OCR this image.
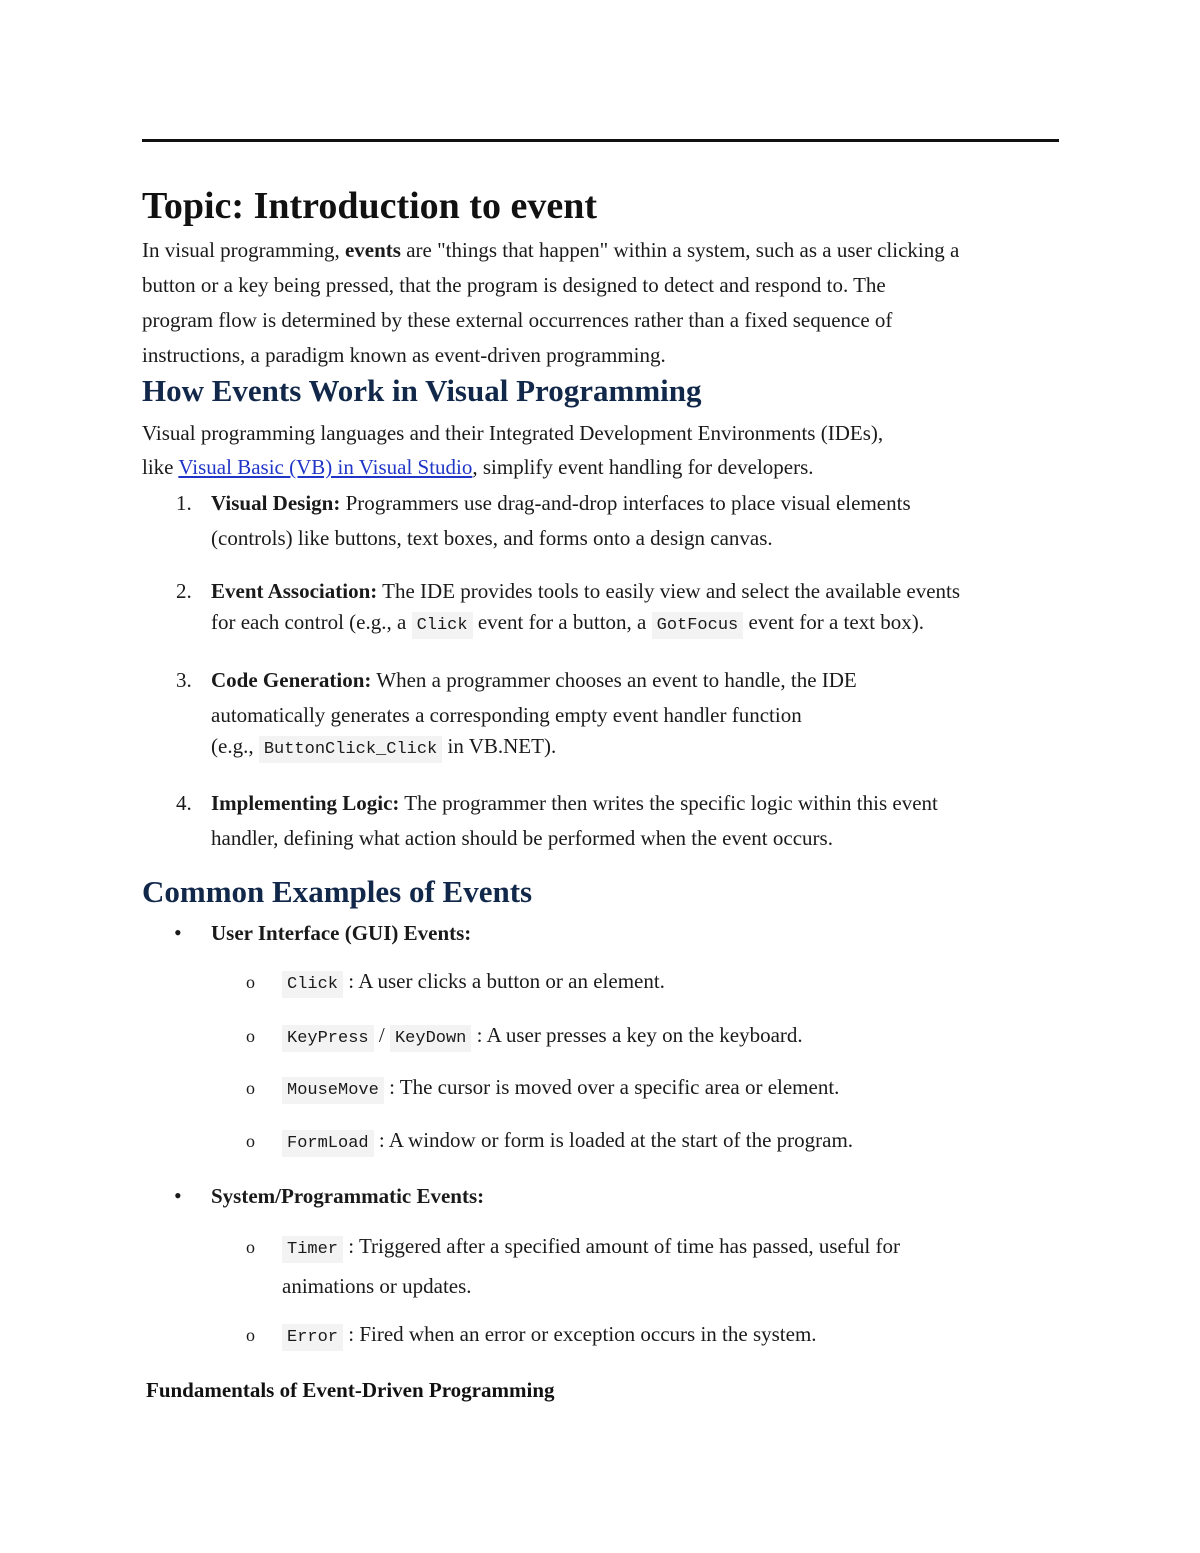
Topic: Introduction to event

In visual programming, events are "things that happen" within a system, such as a user clicking a

button or a key being pressed, that the program is designed to detect and respond to. The

program flow is determined by these external occurrences rather than a fixed sequence of

instructions, a paradigm known as event-driven programming.

How Events Work in Visual Programming

Visual programming languages and their Integrated Development Environments (IDEs),

like Visual Basic (VB) in Visual Studio, simplify event handling for developers.

1. Visual Design: Programmers use drag-and-drop interfaces to place visual elements
(controls) like buttons, text boxes, and forms onto a design canvas.
2. Event Association: The IDE provides tools to easily view and select the available events
for each control (e.g., a Click event for a button, a GotFocus event for a text box).
3. Code Generation: When a programmer chooses an event to handle, the IDE
automatically generates a corresponding empty event handler function
(e.g., ButtonClick_Click in VB.NET).
4. Implementing Logic: The programmer then writes the specific logic within this event
handler, defining what action should be performed when the event occurs.
Common Examples of Events
• User Interface (GUI) Events:
o Click : A user clicks a button or an element.
o KeyPress / KeyDown : A user presses a key on the keyboard.
o MouseMove : The cursor is moved over a specific area or element.
o FormLoad : A window or form is loaded at the start of the program.
• System/Programmatic Events:
o Timer : Triggered after a specified amount of time has passed, useful for
animations or updates.
o Error : Fired when an error or exception occurs in the system.
Fundamentals of Event-Driven Programming
